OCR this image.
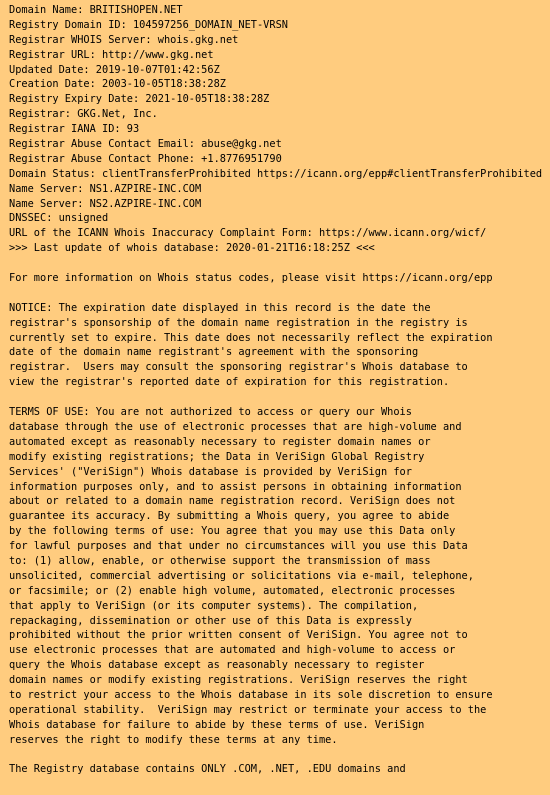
Domain Name: BRITISHOPEN.NET
Registry Domain ID: 104597256_DOMAIN_NET-VRSN
Registrar WHOIS Server: whois.gkg.net
Registrar URL: http://www.gkg.net
Updated Date: 2019-10-07T01:42:56Z
Creation Date: 2003-10-05T18:38:28Z
Registry Expiry Date: 2021-10-05T18:38:28Z
Registrar: GKG.Net, Inc.
Registrar IANA ID: 93
Registrar Abuse Contact Email: abuse@gkg.net
Registrar Abuse Contact Phone: +1.8776951790
Domain Status: clientTransferProhibited https://icann.org/epp#clientTransferProhibited
Name Server: NS1.AZPIRE-INC.COM
Name Server: NS2.AZPIRE-INC.COM
DNSSEC: unsigned
URL of the ICANN Whois Inaccuracy Complaint Form: https://www.icann.org/wicf/
>>> Last update of whois database: 2020-01-21T16:18:25Z <<<
For more information on Whois status codes, please visit https://icann.org/epp
NOTICE: The expiration date displayed in this record is the date the
registrar's sponsorship of the domain name registration in the registry is
currently set to expire. This date does not necessarily reflect the expiration
date of the domain name registrant's agreement with the sponsoring
registrar.  Users may consult the sponsoring registrar's Whois database to
view the registrar's reported date of expiration for this registration.
TERMS OF USE: You are not authorized to access or query our Whois
database through the use of electronic processes that are high-volume and
automated except as reasonably necessary to register domain names or
modify existing registrations; the Data in VeriSign Global Registry
Services' ("VeriSign") Whois database is provided by VeriSign for
information purposes only, and to assist persons in obtaining information
about or related to a domain name registration record. VeriSign does not
guarantee its accuracy. By submitting a Whois query, you agree to abide
by the following terms of use: You agree that you may use this Data only
for lawful purposes and that under no circumstances will you use this Data
to: (1) allow, enable, or otherwise support the transmission of mass
unsolicited, commercial advertising or solicitations via e-mail, telephone,
or facsimile; or (2) enable high volume, automated, electronic processes
that apply to VeriSign (or its computer systems). The compilation,
repackaging, dissemination or other use of this Data is expressly
prohibited without the prior written consent of VeriSign. You agree not to
use electronic processes that are automated and high-volume to access or
query the Whois database except as reasonably necessary to register
domain names or modify existing registrations. VeriSign reserves the right
to restrict your access to the Whois database in its sole discretion to ensure
operational stability.  VeriSign may restrict or terminate your access to the
Whois database for failure to abide by these terms of use. VeriSign
reserves the right to modify these terms at any time.
The Registry database contains ONLY .COM, .NET, .EDU domains and
